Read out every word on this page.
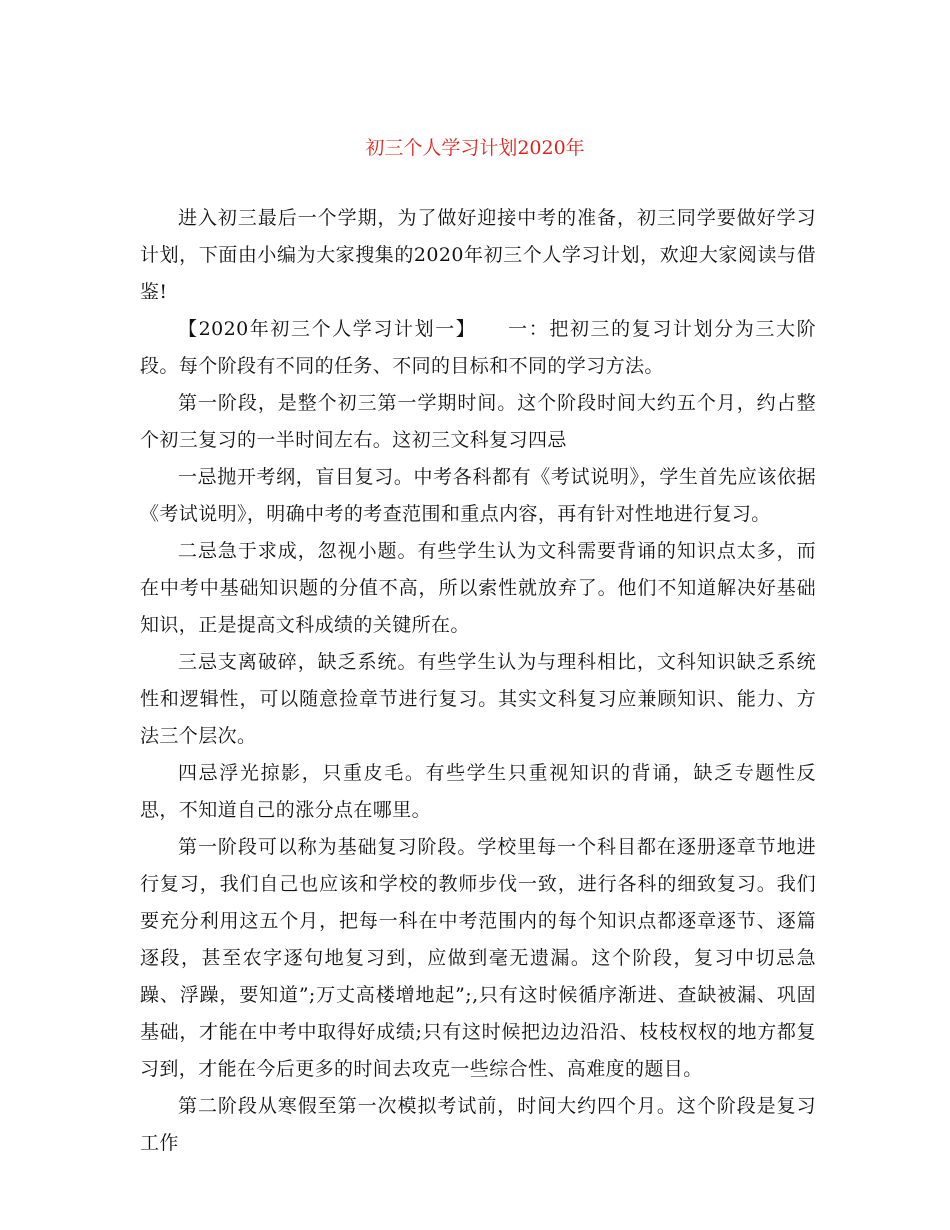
初三个人学习计划2020年

进入初三最后一个学期，为了做好迎接中考的准备，初三同学要做好学习计划，下面由小编为大家搜集的2020年初三个人学习计划，欢迎大家阅读与借鉴!

【2020年初三个人学习计划一】　　一：把初三的复习计划分为三大阶段。每个阶段有不同的任务、不同的目标和不同的学习方法。

第一阶段，是整个初三第一学期时间。这个阶段时间大约五个月，约占整个初三复习的一半时间左右。这初三文科复习四忌

一忌抛开考纲，盲目复习。中考各科都有《考试说明》，学生首先应该依据《考试说明》，明确中考的考查范围和重点内容，再有针对性地进行复习。

二忌急于求成，忽视小题。有些学生认为文科需要背诵的知识点太多，而在中考中基础知识题的分值不高，所以索性就放弃了。他们不知道解决好基础知识，正是提高文科成绩的关键所在。

三忌支离破碎，缺乏系统。有些学生认为与理科相比，文科知识缺乏系统性和逻辑性，可以随意捡章节进行复习。其实文科复习应兼顾知识、能力、方法三个层次。

四忌浮光掠影，只重皮毛。有些学生只重视知识的背诵，缺乏专题性反思，不知道自己的涨分点在哪里。

第一阶段可以称为基础复习阶段。学校里每一个科目都在逐册逐章节地进行复习，我们自己也应该和学校的教师步伐一致，进行各科的细致复习。我们要充分利用这五个月，把每一科在中考范围内的每个知识点都逐章逐节、逐篇逐段，甚至农字逐句地复习到，应做到毫无遗漏。这个阶段，复习中切忌急躁、浮躁，要知道”;万丈高楼增地起”;,只有这时候循序渐进、查缺被漏、巩固基础，才能在中考中取得好成绩;只有这时候把边边沿沿、枝枝杈杈的地方都复习到，才能在今后更多的时间去攻克一些综合性、高难度的题目。

第二阶段从寒假至第一次模拟考试前，时间大约四个月。这个阶段是复习工作
